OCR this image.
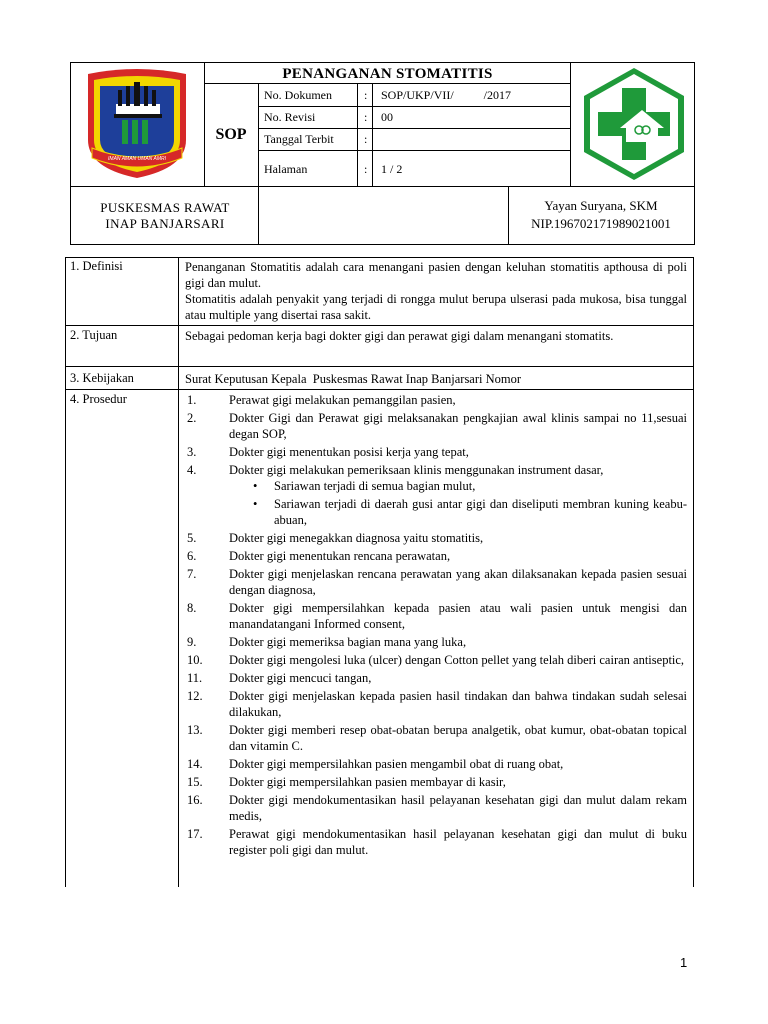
IMAN AMAN UMAN AMRI
PENANGANAN STOMATITIS
SOP
No. Dokumen	: SOP/UKP/VII/          /2017
No. Revisi	: 00
Tanggal Terbit	:
Halaman	: 1 / 2
PUSKESMAS RAWAT
INAP BANJARSARI
Yayan Suryana, SKM
NIP.196702171989021001
1. Definisi	Penanganan Stomatitis adalah cara menangani pasien dengan keluhan stomatitis apthousa di poli gigi dan mulut.

Stomatitis adalah penyakit yang terjadi di rongga mulut berupa ulserasi pada mukosa, bisa tunggal atau multiple yang disertai rasa sakit.

2. Tujuan	Sebagai pedoman kerja bagi dokter gigi dan perawat gigi dalam menangani stomatits.
3. Kebijakan	Surat Keputusan Kepala  Puskesmas Rawat Inap Banjarsari Nomor
4. Prosedur	1.	Perawat gigi melakukan pemanggilan pasien,
2.	Dokter Gigi dan Perawat gigi melaksanakan pengkajian awal klinis sampai no 11,sesuai degan SOP,
3.	Dokter gigi menentukan posisi kerja yang tepat,
4.	Dokter gigi melakukan pemeriksaan klinis menggunakan instrument dasar,
• Sariawan terjadi di semua bagian mulut,
• Sariawan terjadi di daerah gusi antar gigi dan diseliputi membran kuning keabu-abuan,
5.	Dokter gigi menegakkan diagnosa yaitu stomatitis,
6.	Dokter gigi menentukan rencana perawatan,
7.	Dokter gigi menjelaskan rencana perawatan yang akan dilaksanakan kepada pasien sesuai dengan diagnosa,
8.	Dokter gigi mempersilahkan kepada pasien atau wali pasien untuk mengisi dan manandatangani Informed consent,
9.	Dokter gigi memeriksa bagian mana yang luka,
10.	Dokter gigi mengolesi luka (ulcer) dengan Cotton pellet yang telah diberi cairan antiseptic,
11.	Dokter gigi mencuci tangan,
12.	Dokter gigi menjelaskan kepada pasien hasil tindakan dan bahwa tindakan sudah selesai dilakukan,
13.	Dokter gigi memberi resep obat-obatan berupa analgetik, obat kumur, obat-obatan topical dan vitamin C.
14.	Dokter gigi mempersilahkan pasien mengambil obat di ruang obat,
15.	Dokter gigi mempersilahkan pasien membayar di kasir,
16.	Dokter gigi mendokumentasikan hasil pelayanan kesehatan gigi dan mulut dalam rekam medis,
17.	Perawat gigi mendokumentasikan hasil pelayanan kesehatan gigi dan mulut di buku register poli gigi dan mulut.
1
